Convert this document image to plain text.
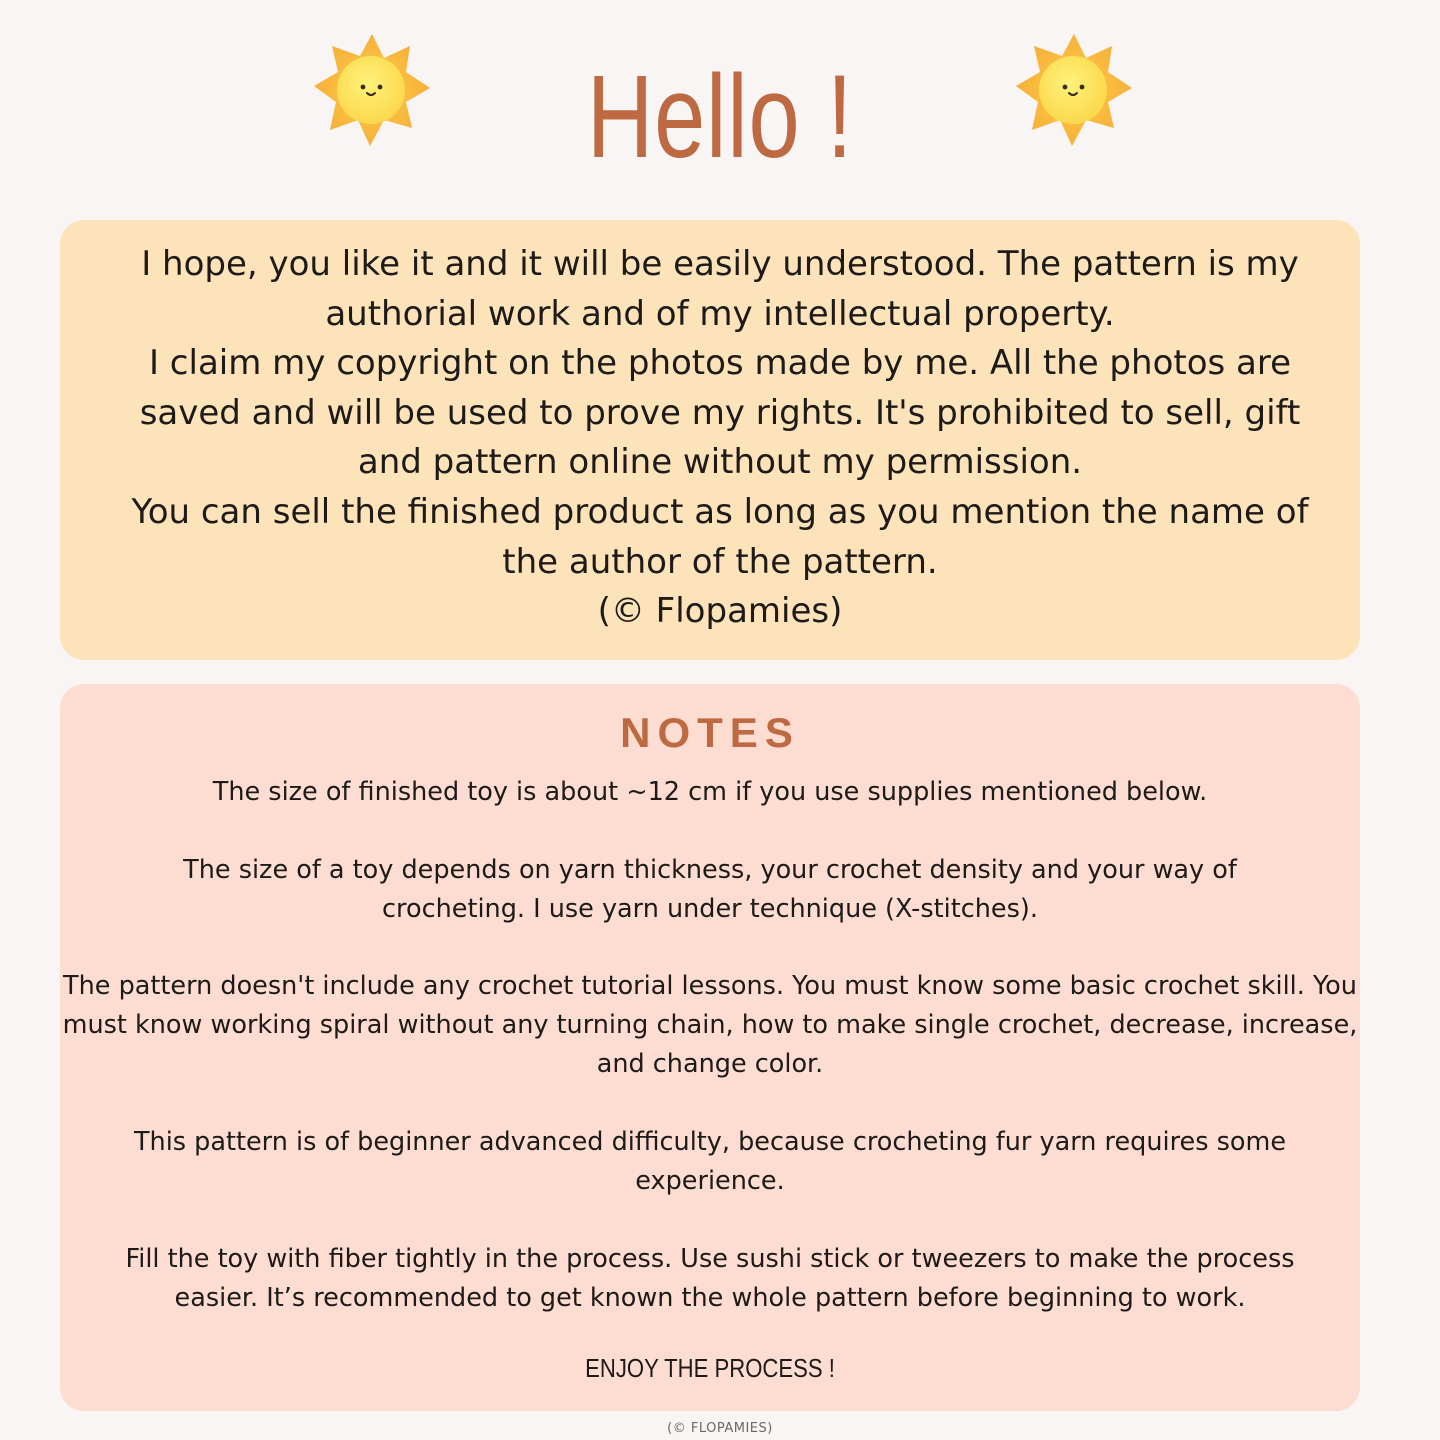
Hello !

I hope, you like it and it will be easily understood. The pattern is my authorial work and of my intellectual property.

I claim my copyright on the photos made by me. All the photos are saved and will be used to prove my rights. It's prohibited to sell, gift and pattern online without my permission.

You can sell the finished product as long as you mention the name of the author of the pattern.

(© Flopamies)

NOTES

The size of finished toy is about ~12 cm if you use supplies mentioned below.

The size of a toy depends on yarn thickness, your crochet density and your way of crocheting. I use yarn under technique (X-stitches).

The pattern doesn't include any crochet tutorial lessons. You must know some basic crochet skill. You must know working spiral without any turning chain, how to make single crochet, decrease, increase, and change color.

This pattern is of beginner advanced difficulty, because crocheting fur yarn requires some experience.

Fill the toy with fiber tightly in the process. Use sushi stick or tweezers to make the process easier. It’s recommended to get known the whole pattern before beginning to work.

ENJOY THE PROCESS !
(© FLOPAMIES)
